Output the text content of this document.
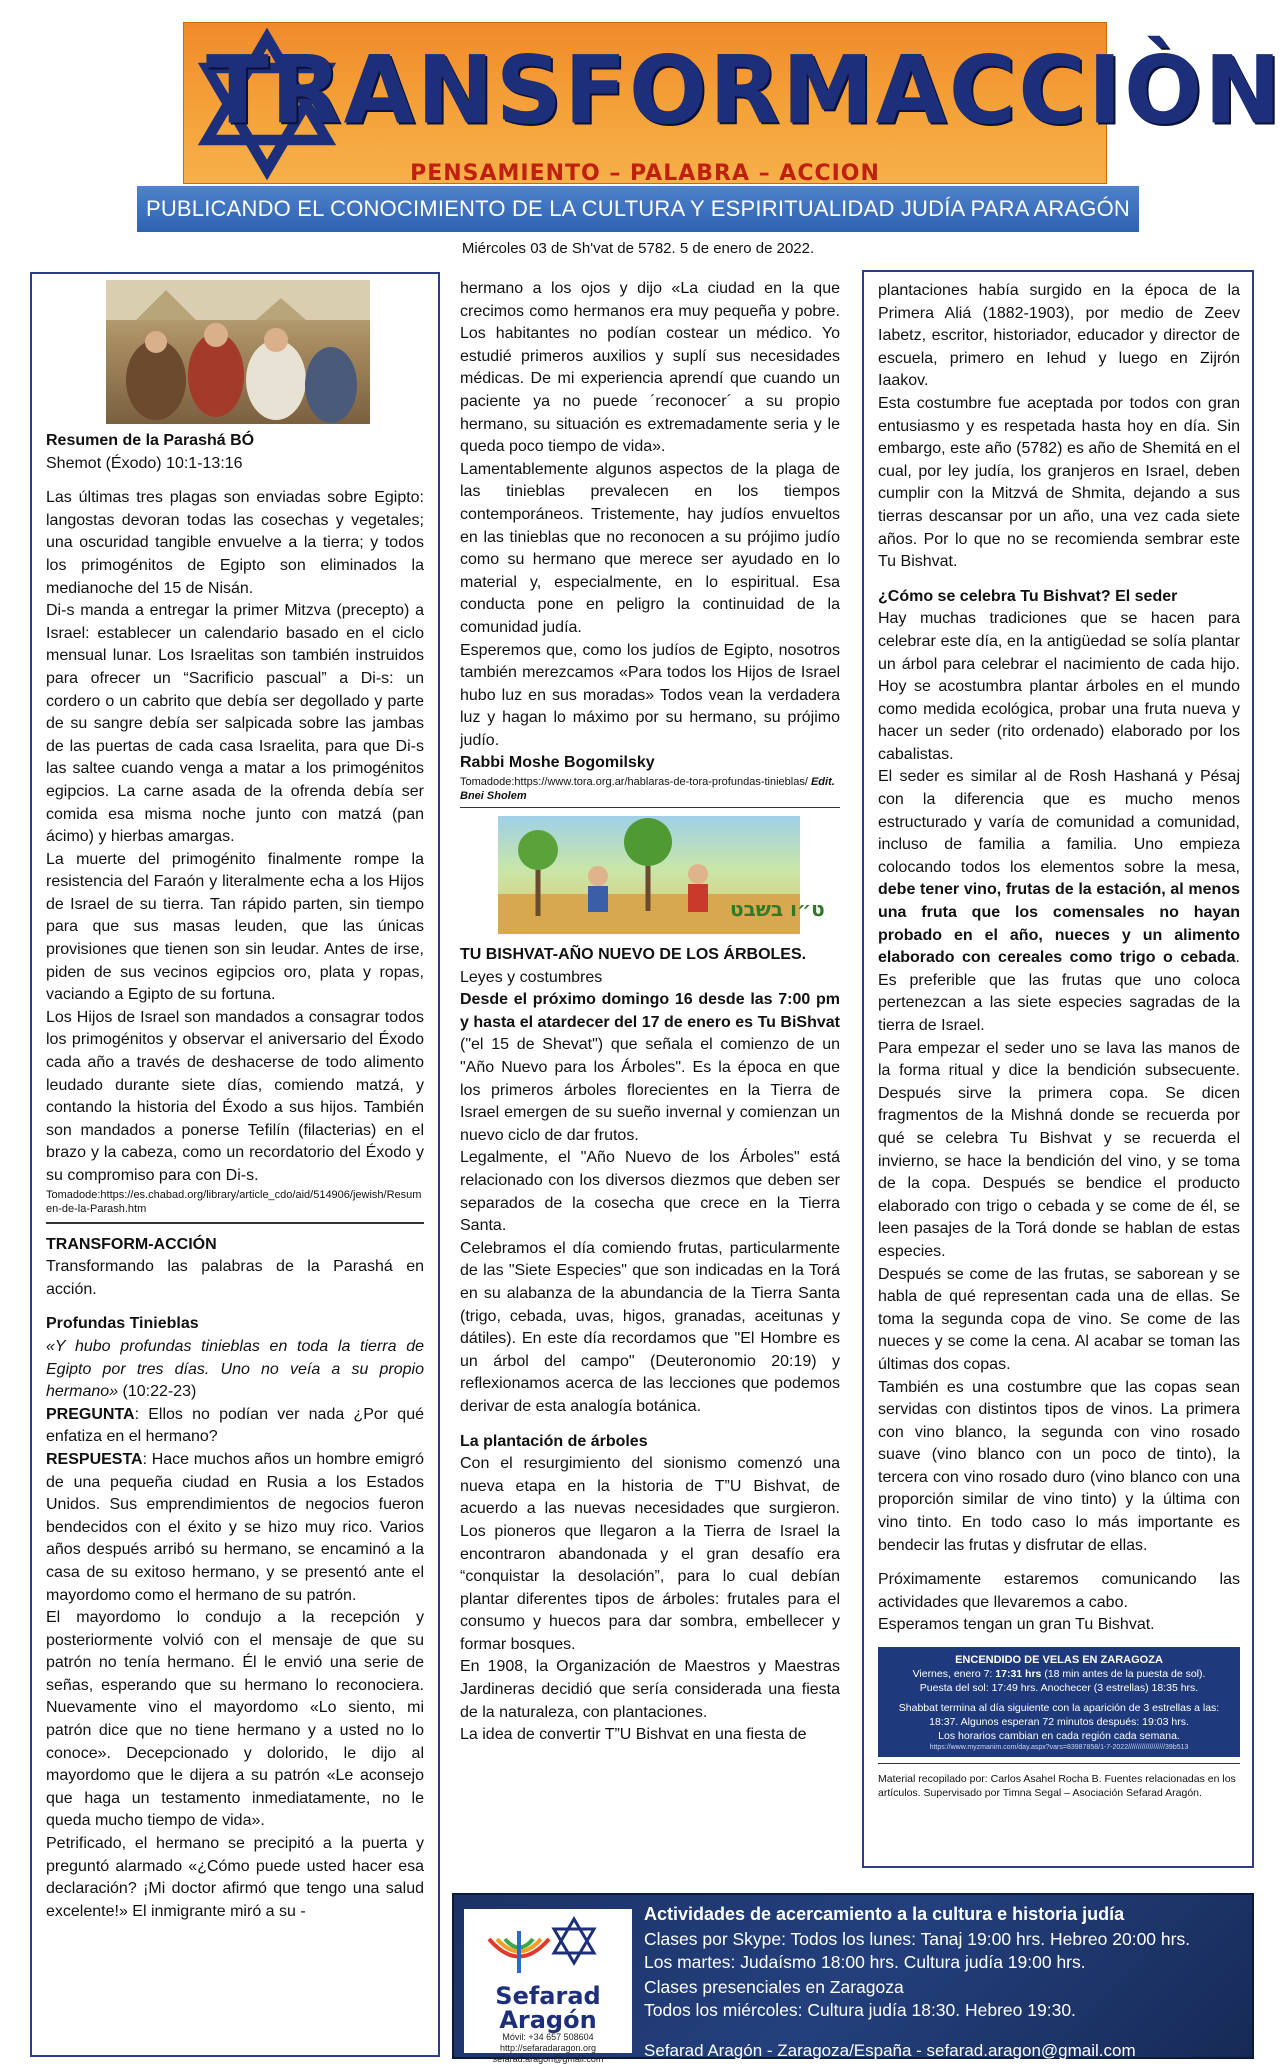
TRANSFORMACCIÒN
PENSAMIENTO – PALABRA – ACCION
PUBLICANDO EL CONOCIMIENTO DE LA CULTURA Y ESPIRITUALIDAD JUDÍA PARA ARAGÓN
Miércoles 03 de Sh'vat de 5782. 5 de enero de 2022.

Resumen de la Parashá BÓ

Shemot (Éxodo) 10:1-13:16

Las últimas tres plagas son enviadas sobre Egipto: langostas devoran todas las cosechas y vegetales; una oscuridad tangible envuelve a la tierra; y todos los primogénitos de Egipto son eliminados la medianoche del 15 de Nisán.

Di-s manda a entregar la primer Mitzva (precepto) a Israel: establecer un calendario basado en el ciclo mensual lunar. Los Israelitas son también instruidos para ofrecer un “Sacrificio pascual” a Di-s: un cordero o un cabrito que debía ser degollado y parte de su sangre debía ser salpicada sobre las jambas de las puertas de cada casa Israelita, para que Di-s las saltee cuando venga a matar a los primogénitos egipcios. La carne asada de la ofrenda debía ser comida esa misma noche junto con matzá (pan ácimo) y hierbas amargas.

La muerte del primogénito finalmente rompe la resistencia del Faraón y literalmente echa a los Hijos de Israel de su tierra. Tan rápido parten, sin tiempo para que sus masas leuden, que las únicas provisiones que tienen son sin leudar. Antes de irse, piden de sus vecinos egipcios oro, plata y ropas, vaciando a Egipto de su fortuna.

Los Hijos de Israel son mandados a consagrar todos los primogénitos y observar el aniversario del Éxodo cada año a través de deshacerse de todo alimento leudado durante siete días, comiendo matzá, y contando la historia del Éxodo a sus hijos. También son mandados a ponerse Tefilín (filacterias) en el brazo y la cabeza, como un recordatorio del Éxodo y su compromiso para con Di-s.

Tomadode:https://es.chabad.org/library/article_cdo/aid/514906/jewish/Resumen-de-la-Parash.htm

TRANSFORM-ACCIÓN

Transformando las palabras de la Parashá en acción.

Profundas Tinieblas

«Y hubo profundas tinieblas en toda la tierra de Egipto por tres días. Uno no veía a su propio hermano» (10:22-23)

PREGUNTA: Ellos no podían ver nada ¿Por qué enfatiza en el hermano?

RESPUESTA: Hace muchos años un hombre emigró de una pequeña ciudad en Rusia a los Estados Unidos. Sus emprendimientos de negocios fueron bendecidos con el éxito y se hizo muy rico. Varios años después arribó su hermano, se encaminó a la casa de su exitoso hermano, y se presentó ante el mayordomo como el hermano de su patrón.

El mayordomo lo condujo a la recepción y posteriormente volvió con el mensaje de que su patrón no tenía hermano. Él le envió una serie de señas, esperando que su hermano lo reconociera. Nuevamente vino el mayordomo «Lo siento, mi patrón dice que no tiene hermano y a usted no lo conoce». Decepcionado y dolorido, le dijo al mayordomo que le dijera a su patrón «Le aconsejo que haga un testamento inmediatamente, no le queda mucho tiempo de vida».

Petrificado, el hermano se precipitó a la puerta y preguntó alarmado «¿Cómo puede usted hacer esa declaración? ¡Mi doctor afirmó que tengo una salud excelente!» El inmigrante miró a su -

hermano a los ojos y dijo «La ciudad en la que crecimos como hermanos era muy pequeña y pobre. Los habitantes no podían costear un médico. Yo estudié primeros auxilios y suplí sus necesidades médicas. De mi experiencia aprendí que cuando un paciente ya no puede ´reconocer´ a su propio hermano, su situación es extremadamente seria y le queda poco tiempo de vida».

Lamentablemente algunos aspectos de la plaga de las tinieblas prevalecen en los tiempos contemporáneos. Tristemente, hay judíos envueltos en las tinieblas que no reconocen a su prójimo judío como su hermano que merece ser ayudado en lo material y, especialmente, en lo espiritual. Esa conducta pone en peligro la continuidad de la comunidad judía.

Esperemos que, como los judíos de Egipto, nosotros también merezcamos «Para todos los Hijos de Israel hubo luz en sus moradas» Todos vean la verdadera luz y hagan lo máximo por su hermano, su prójimo judío.

Rabbi Moshe Bogomilsky

Tomadode:https://www.tora.org.ar/hablaras-de-tora-profundas-tinieblas/ Edit. Bnei Sholem

ט״ו בשבט

TU BISHVAT-AÑO NUEVO DE LOS ÁRBOLES.

Leyes y costumbres

Desde el próximo domingo 16 desde las 7:00 pm y hasta el atardecer del 17 de enero es Tu BiShvat ("el 15 de Shevat") que señala el comienzo de un "Año Nuevo para los Árboles". Es la época en que los primeros árboles florecientes en la Tierra de Israel emergen de su sueño invernal y comienzan un nuevo ciclo de dar frutos.

Legalmente, el "Año Nuevo de los Árboles" está relacionado con los diversos diezmos que deben ser separados de la cosecha que crece en la Tierra Santa.

Celebramos el día comiendo frutas, particularmente de las "Siete Especies" que son indicadas en la Torá en su alabanza de la abundancia de la Tierra Santa (trigo, cebada, uvas, higos, granadas, aceitunas y dátiles). En este día recordamos que "El Hombre es un árbol del campo" (Deuteronomio 20:19) y reflexionamos acerca de las lecciones que podemos derivar de esta analogía botánica.

La plantación de árboles

Con el resurgimiento del sionismo comenzó una nueva etapa en la historia de T”U Bishvat, de acuerdo a las nuevas necesidades que surgieron. Los pioneros que llegaron a la Tierra de Israel la encontraron abandonada y el gran desafío era “conquistar la desolación”, para lo cual debían plantar diferentes tipos de árboles: frutales para el consumo y huecos para dar sombra, embellecer y formar bosques.

En 1908, la Organización de Maestros y Maestras Jardineras decidió que sería considerada una fiesta de la naturaleza, con plantaciones.

La idea de convertir T”U Bishvat en una fiesta de

plantaciones había surgido en la época de la Primera Aliá (1882-1903), por medio de Zeev Iabetz, escritor, historiador, educador y director de escuela, primero en Iehud y luego en Zijrón Iaakov.

Esta costumbre fue aceptada por todos con gran entusiasmo y es respetada hasta hoy en día. Sin embargo, este año (5782) es año de Shemitá en el cual, por ley judía, los granjeros en Israel, deben cumplir con la Mitzvá de Shmita, dejando a sus tierras descansar por un año, una vez cada siete años. Por lo que no se recomienda sembrar este Tu Bishvat.

¿Cómo se celebra Tu Bishvat? El seder

Hay muchas tradiciones que se hacen para celebrar este día, en la antigüedad se solía plantar un árbol para celebrar el nacimiento de cada hijo. Hoy se acostumbra plantar árboles en el mundo como medida ecológica, probar una fruta nueva y hacer un seder (rito ordenado) elaborado por los cabalistas.

El seder es similar al de Rosh Hashaná y Pésaj con la diferencia que es mucho menos estructurado y varía de comunidad a comunidad, incluso de familia a familia. Uno empieza colocando todos los elementos sobre la mesa, debe tener vino, frutas de la estación, al menos una fruta que los comensales no hayan probado en el año, nueces y un alimento elaborado con cereales como trigo o cebada. Es preferible que las frutas que uno coloca pertenezcan a las siete especies sagradas de la tierra de Israel.

Para empezar el seder uno se lava las manos de la forma ritual y dice la bendición subsecuente. Después sirve la primera copa. Se dicen fragmentos de la Mishná donde se recuerda por qué se celebra Tu Bishvat y se recuerda el invierno, se hace la bendición del vino, y se toma de la copa. Después se bendice el producto elaborado con trigo o cebada y se come de él, se leen pasajes de la Torá donde se hablan de estas especies.

Después se come de las frutas, se saborean y se habla de qué representan cada una de ellas. Se toma la segunda copa de vino. Se come de las nueces y se come la cena. Al acabar se toman las últimas dos copas.

También es una costumbre que las copas sean servidas con distintos tipos de vinos. La primera con vino blanco, la segunda con vino rosado suave (vino blanco con un poco de tinto), la tercera con vino rosado duro (vino blanco con una proporción similar de vino tinto) y la última con vino tinto. En todo caso lo más importante es bendecir las frutas y disfrutar de ellas.

Próximamente estaremos comunicando las actividades que llevaremos a cabo.

Esperamos tengan un gran Tu Bishvat.

ENCENDIDO DE VELAS EN ZARAGOZA
Viernes, enero 7: 17:31 hrs (18 min antes de la puesta de sol).
Puesta del sol: 17:49 hrs. Anochecer (3 estrellas) 18:35 hrs.
Shabbat termina al día siguiente con la aparición de 3 estrellas a las: 18:37. Algunos esperan 72 minutos después: 19:03 hrs.
Los horarios cambian en cada región cada semana.
https://www.myzmanim.com/day.aspx?vars=83987858/1-7-2022///////////////////39b513

Material recopilado por: Carlos Asahel Rocha B. Fuentes relacionadas en los artículos. Supervisado por Timna Segal – Asociación Sefarad Aragón.

Sefarad
Aragón
Móvil: +34 657 508604
http://sefaradaragon.org
sefarad.aragon@gmail.com
Actividades de acercamiento a la cultura e historia judía
Clases por Skype: Todos los lunes: Tanaj 19:00 hrs. Hebreo 20:00 hrs.
Los martes: Judaísmo 18:00 hrs. Cultura judía 19:00 hrs.
Clases presenciales en Zaragoza
Todos los miércoles: Cultura judía 18:30. Hebreo 19:30.
Sefarad Aragón - Zaragoza/España - sefarad.aragon@gmail.com
